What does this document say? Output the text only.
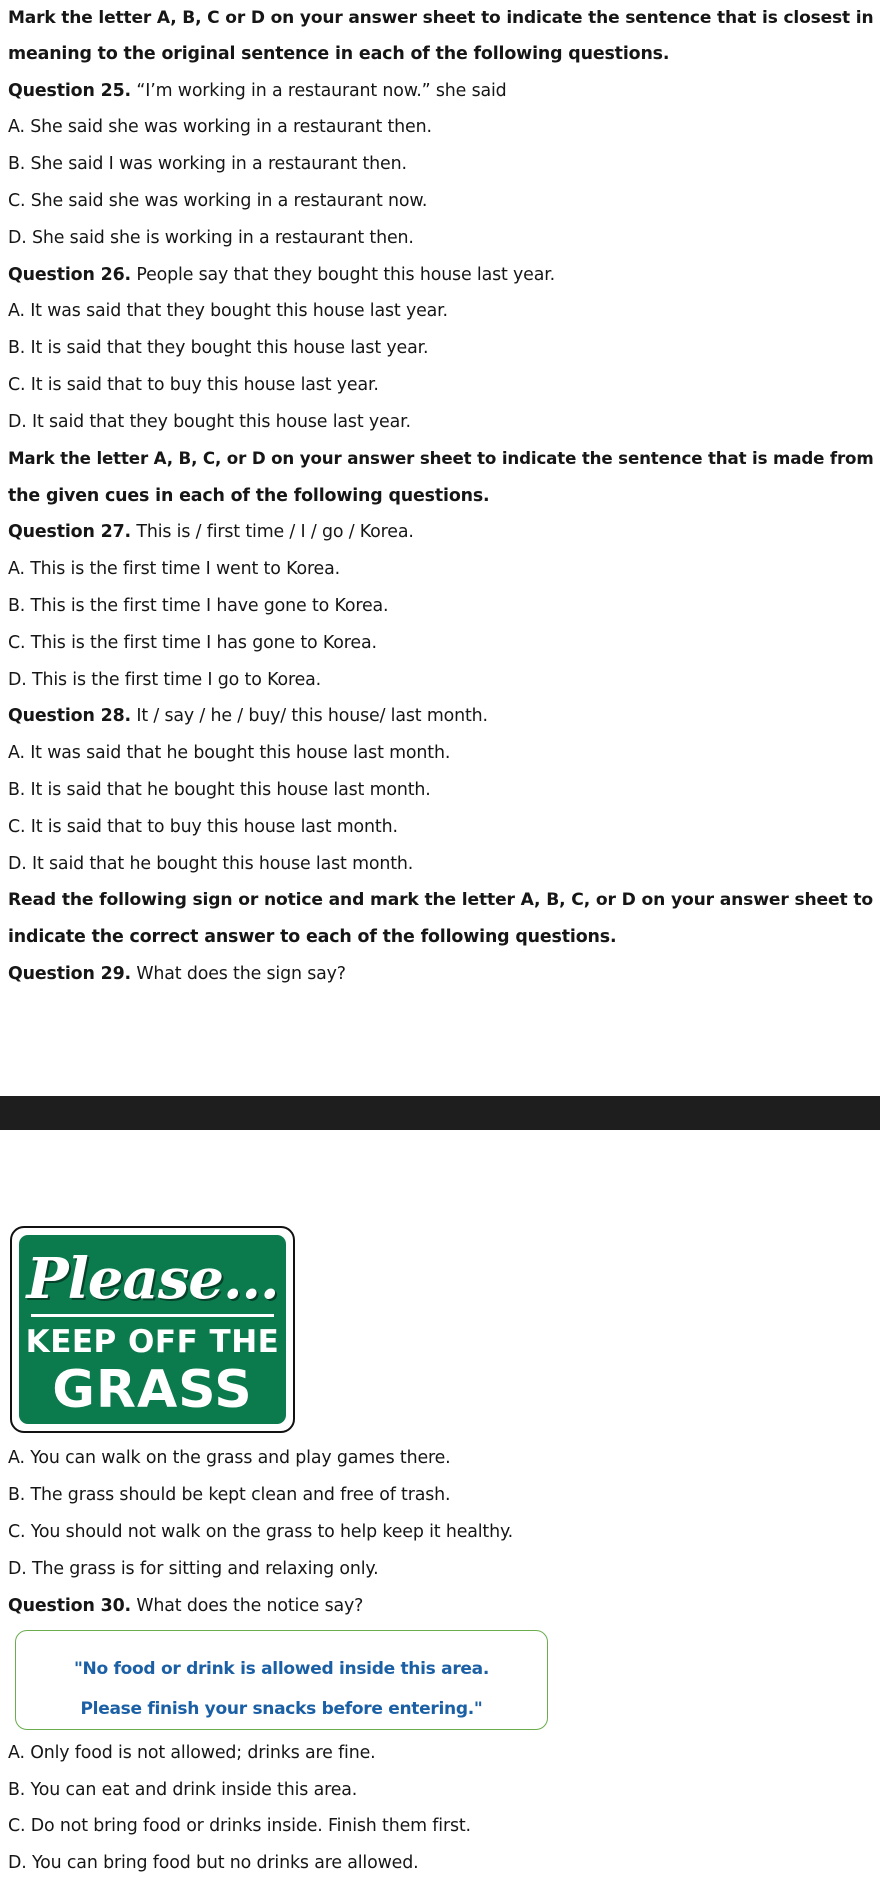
Mark the letter A, B, C or D on your answer sheet to indicate the sentence that is closest in

meaning to the original sentence in each of the following questions.

Question 25. “I’m working in a restaurant now.” she said

A. She said she was working in a restaurant then.

B. She said I was working in a restaurant then.

C. She said she was working in a restaurant now.

D. She said she is working in a restaurant then.

Question 26. People say that they bought this house last year.

A. It was said that they bought this house last year.

B. It is said that they bought this house last year.

C. It is said that to buy this house last year.

D. It said that they bought this house last year.

Mark the letter A, B, C, or D on your answer sheet to indicate the sentence that is made from

the given cues in each of the following questions.

Question 27. This is / first time / I / go / Korea.

A. This is the first time I went to Korea.

B. This is the first time I have gone to Korea.

C. This is the first time I has gone to Korea.

D. This is the first time I go to Korea.

Question 28. It / say / he / buy/ this house/ last month.

A. It was said that he bought this house last month.

B. It is said that he bought this house last month.

C. It is said that to buy this house last month.

D. It said that he bought this house last month.

Read the following sign or notice and mark the letter A, B, C, or D on your answer sheet to

indicate the correct answer to each of the following questions.

Question 29. What does the sign say?

Please...
KEEP OFF THE
GRASS

A. You can walk on the grass and play games there.

B. The grass should be kept clean and free of trash.

C. You should not walk on the grass to help keep it healthy.

D. The grass is for sitting and relaxing only.

Question 30. What does the notice say?

"No food or drink is allowed inside this area.
Please finish your snacks before entering."

A. Only food is not allowed; drinks are fine.

B. You can eat and drink inside this area.

C. Do not bring food or drinks inside. Finish them first.

D. You can bring food but no drinks are allowed.
